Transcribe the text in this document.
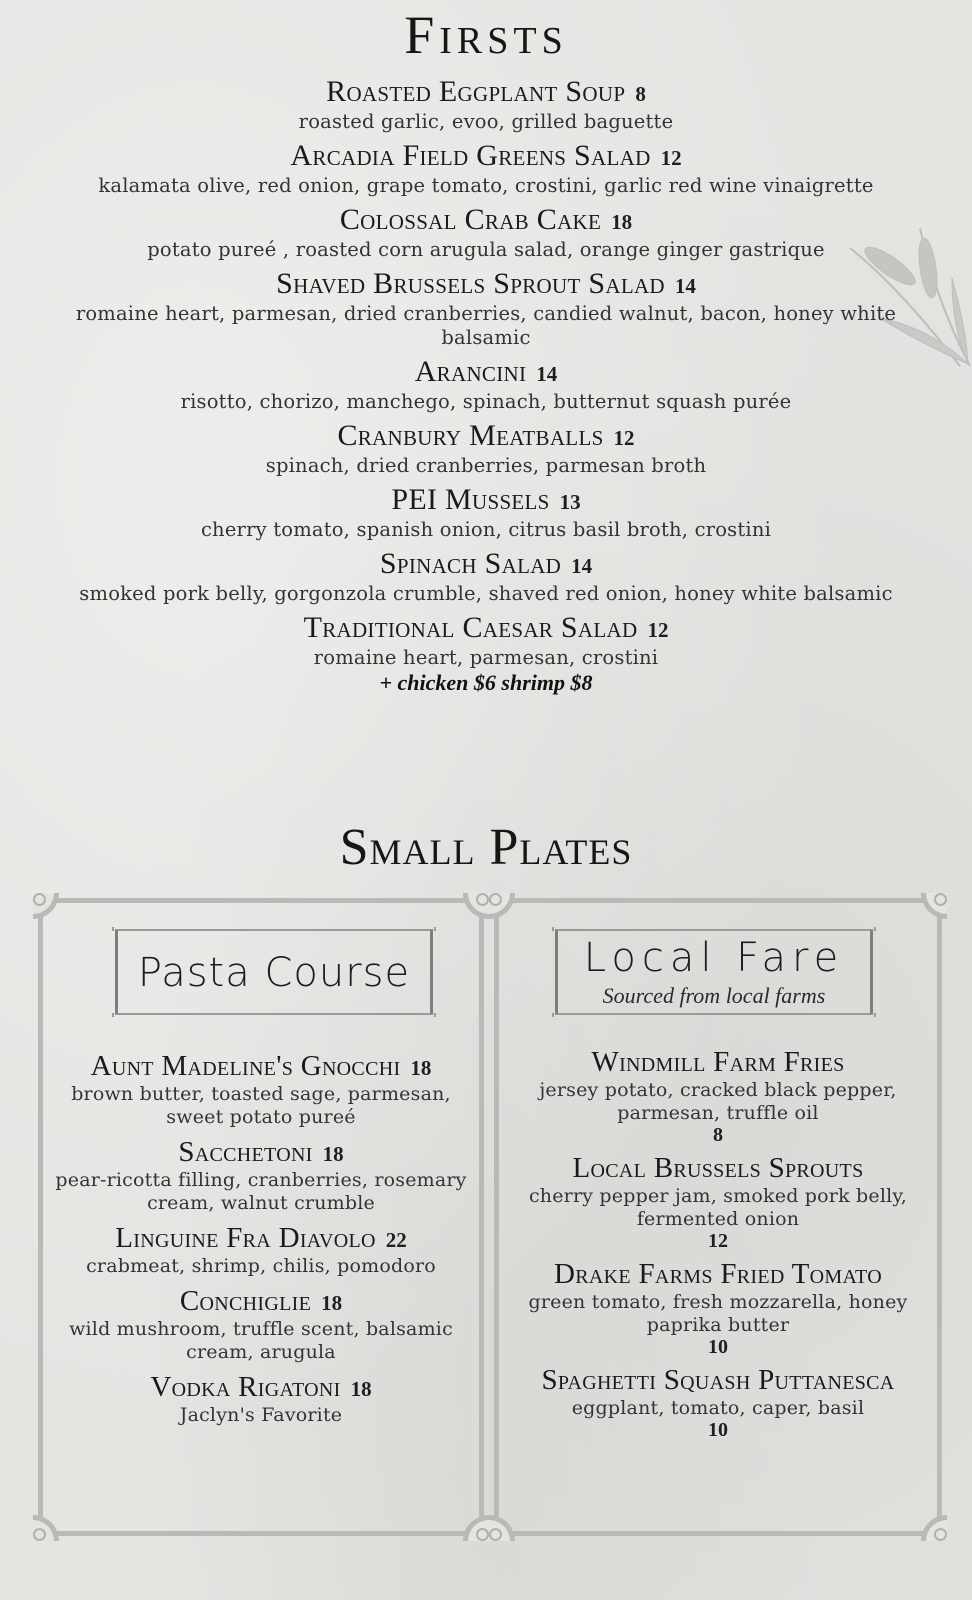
Firsts
Roasted Eggplant Soup 8
roasted garlic, evoo, grilled baguette
Arcadia Field Greens Salad 12
kalamata olive, red onion, grape tomato, crostini, garlic red wine vinaigrette
Colossal Crab Cake 18
potato pureé , roasted corn arugula salad, orange ginger gastrique
Shaved Brussels Sprout Salad 14
romaine heart, parmesan, dried cranberries, candied walnut, bacon, honey white balsamic
Arancini 14
risotto, chorizo, manchego, spinach, butternut squash purée
Cranbury Meatballs 12
spinach, dried cranberries, parmesan broth
PEI Mussels 13
cherry tomato, spanish onion, citrus basil broth, crostini
Spinach Salad 14
smoked pork belly, gorgonzola crumble, shaved red onion, honey white balsamic
Traditional Caesar Salad 12
romaine heart, parmesan, crostini
+ chicken $6 shrimp $8
Small Plates
Pasta Course
Aunt Madeline's Gnocchi 18
brown butter, toasted sage, parmesan, sweet potato pureé
Sacchetoni 18
pear-ricotta filling, cranberries, rosemary cream, walnut crumble
Linguine Fra Diavolo 22
crabmeat, shrimp, chilis, pomodoro
Conchiglie 18
wild mushroom, truffle scent, balsamic cream, arugula
Vodka Rigatoni 18
Jaclyn's Favorite
Local Fare
Sourced from local farms
Windmill Farm Fries
jersey potato, cracked black pepper, parmesan, truffle oil
8
Local Brussels Sprouts
cherry pepper jam, smoked pork belly, fermented onion
12
Drake Farms Fried Tomato
green tomato, fresh mozzarella, honey paprika butter
10
Spaghetti Squash Puttanesca
eggplant, tomato, caper, basil
10
